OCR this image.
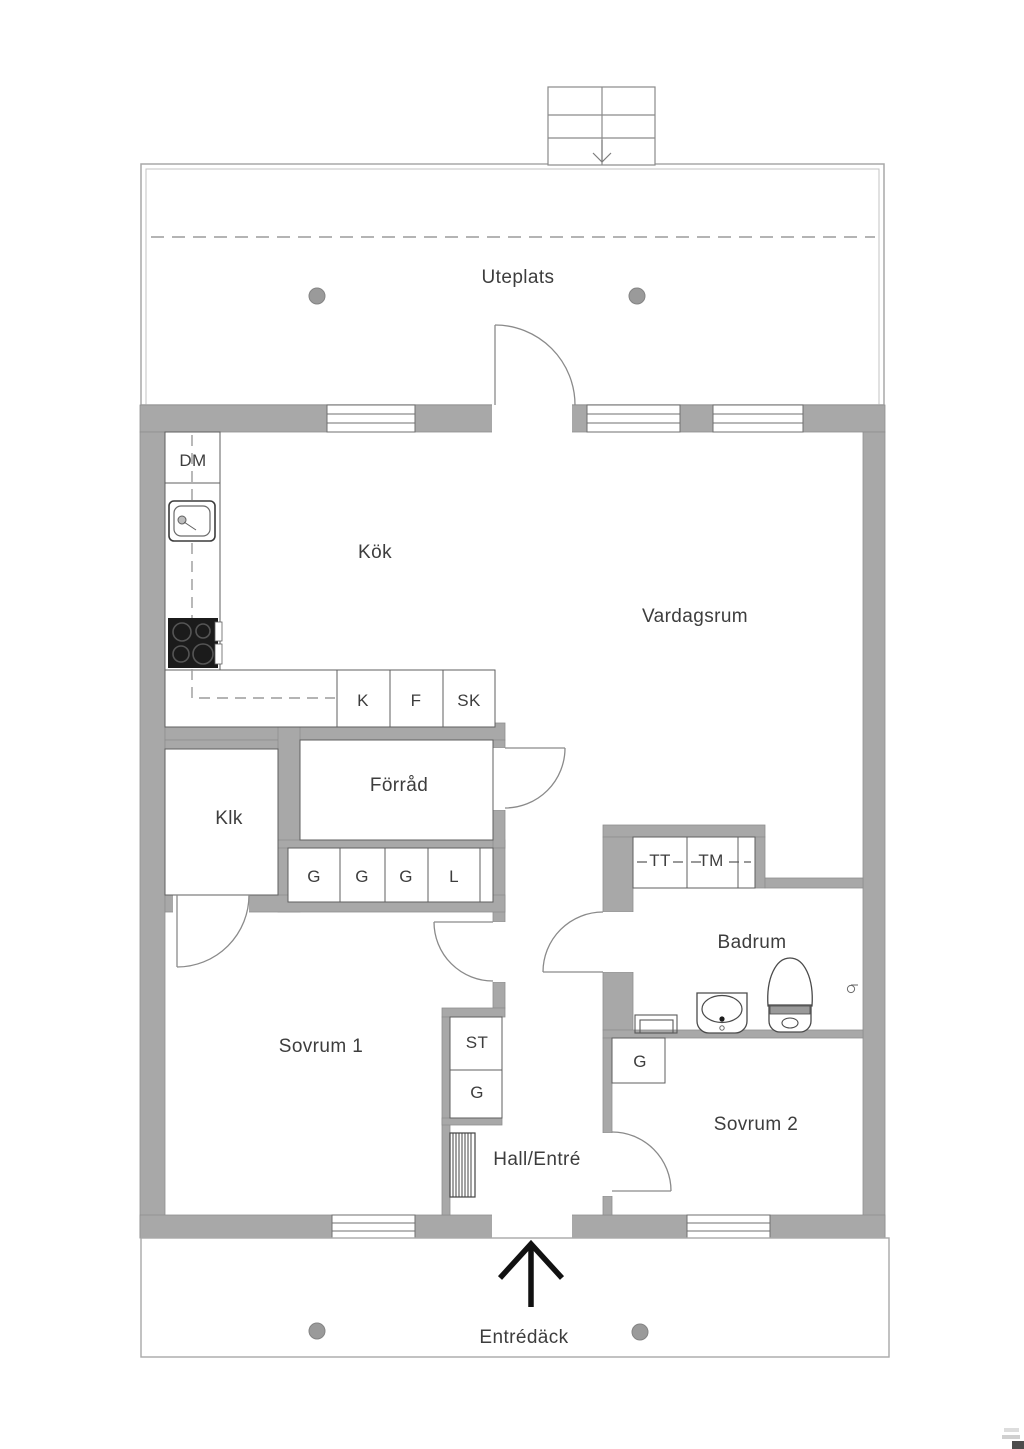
Uteplats
Kök
Vardagsrum
Förråd
Klk
Sovrum 1
Badrum
Sovrum 2
Hall/Entré
Entrédäck
DM
K F SK
G G G L
TT TM
ST
G
G
